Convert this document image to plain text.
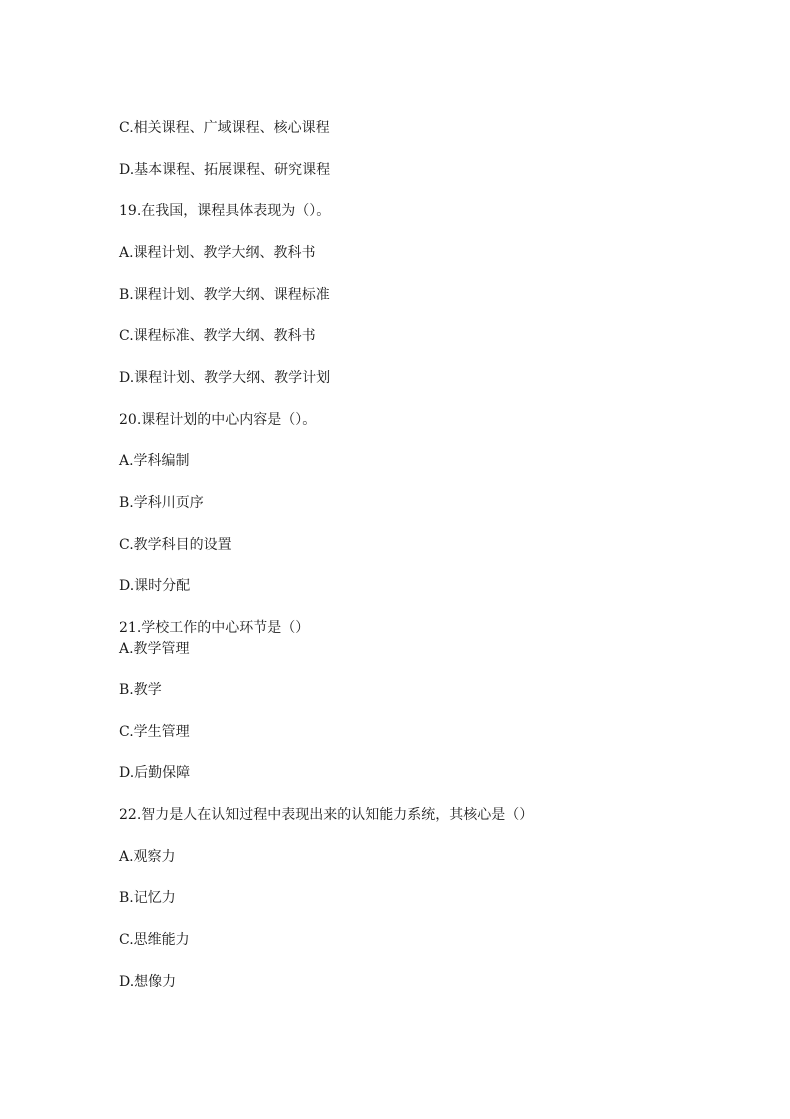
C.相关课程、广域课程、核心课程
D.基本课程、拓展课程、研究课程
19.在我国，课程具体表现为（）。
A.课程计划、教学大纲、教科书
B.课程计划、教学大纲、课程标准
C.课程标准、教学大纲、教科书
D.课程计划、教学大纲、教学计划
20.课程计划的中心内容是（）。
A.学科编制
B.学科川页序
C.教学科目的设置
D.课时分配
21.学校工作的中心环节是（）
A.教学管理
B.教学
C.学生管理
D.后勤保障
22.智力是人在认知过程中表现出来的认知能力系统，其核心是（）
A.观察力
B.记忆力
C.思维能力
D.想像力
